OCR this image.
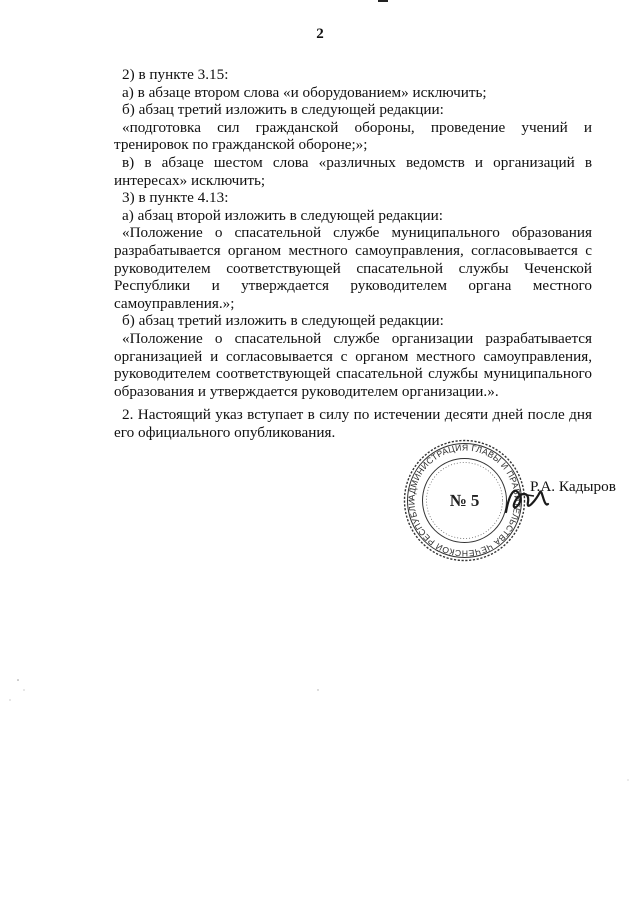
2

2) в пункте 3.15:

а) в абзаце втором слова «и оборудованием» исключить;

б) абзац третий изложить в следующей редакции:

«подготовка сил гражданской обороны, проведение учений и тренировок по гражданской обороне;»;

в) в абзаце шестом слова «различных ведомств и организаций в интересах» исключить;

3) в пункте 4.13:

а) абзац второй изложить в следующей редакции:

«Положение о спасательной службе муниципального образования разрабатывается органом местного самоуправления, согласовывается с руководителем соответствующей спасательной службы Чеченской Республики и утверждается руководителем органа местного самоуправления.»;

б) абзац третий изложить в следующей редакции:

«Положение о спасательной службе организации разрабатывается организацией и согласовывается с органом местного самоуправления, руководителем соответствующей спасательной службы муниципального образования и утверждается руководителем организации.».

2. Настоящий указ вступает в силу по истечении десяти дней после дня его официального опубликования.

АДМИНИСТРАЦИЯ ГЛАВЫ И ПРАВИТЕЛЬСТВА ЧЕЧЕНСКОЙ РЕСПУБЛИ	№ 5
Р.А. Кадыров
